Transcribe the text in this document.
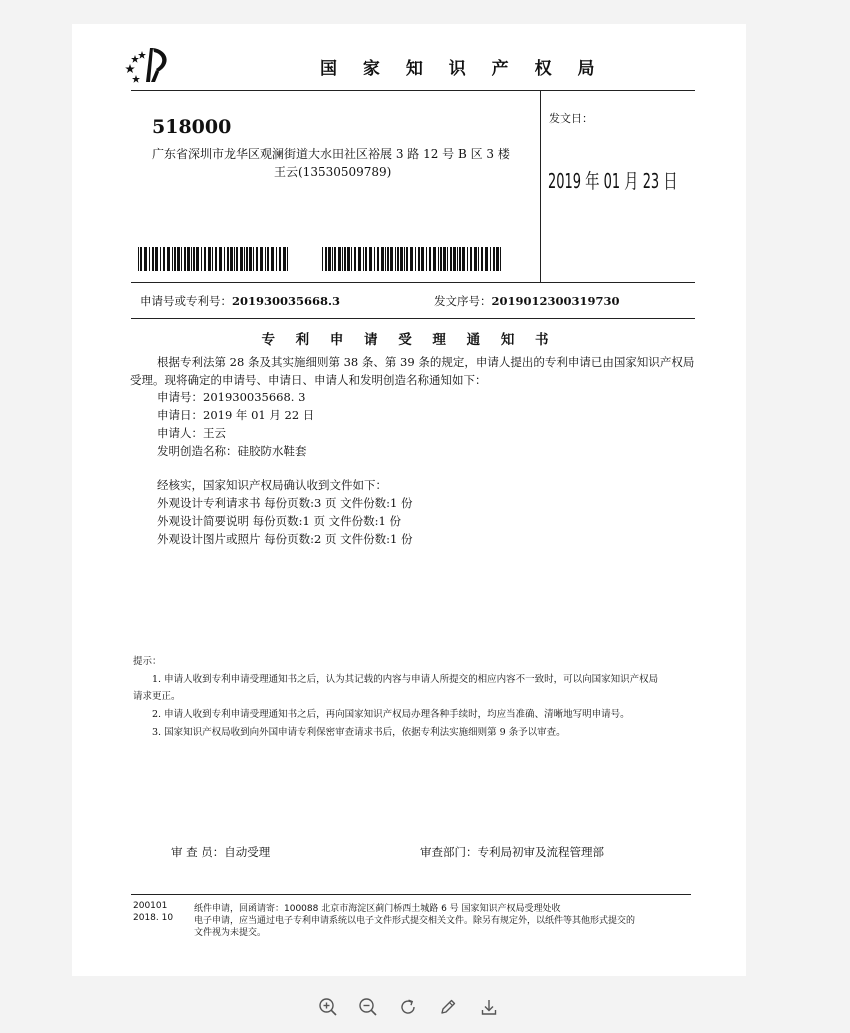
国 家 知 识 产 权 局
518000
广东省深圳市龙华区观澜街道大水田社区裕展 3 路 12 号 B 区 3 楼
王云(13530509789)
发文日：
2019 年 01 月 23 日
申请号或专利号：201930035668.3	发文序号：2019012300319730
专 利 申 请 受 理 通 知 书

根据专利法第 28 条及其实施细则第 38 条、第 39 条的规定，申请人提出的专利申请已由国家知识产权局受理。现将确定的申请号、申请日、申请人和发明创造名称通知如下：

申请号：201930035668. 3
申请日：2019 年 01 月 22 日
申请人：王云
发明创造名称：硅胶防水鞋套
经核实，国家知识产权局确认收到文件如下：
外观设计专利请求书 每份页数:3 页 文件份数:1 份
外观设计简要说明 每份页数:1 页 文件份数:1 份
外观设计图片或照片 每份页数:2 页 文件份数:1 份
提示：
1. 申请人收到专利申请受理通知书之后，认为其记载的内容与申请人所提交的相应内容不一致时，可以向国家知识产权局
请求更正。
2. 申请人收到专利申请受理通知书之后，再向国家知识产权局办理各种手续时，均应当准确、清晰地写明申请号。
3. 国家知识产权局收到向外国申请专利保密审查请求书后，依据专利法实施细则第 9 条予以审查。
审 查 员：自动受理	审查部门：专利局初审及流程管理部
200101
2018. 10
纸件申请，回函请寄：100088 北京市海淀区蓟门桥西土城路 6 号 国家知识产权局受理处收
电子申请，应当通过电子专利申请系统以电子文件形式提交相关文件。除另有规定外，以纸件等其他形式提交的
文件视为未提交。
